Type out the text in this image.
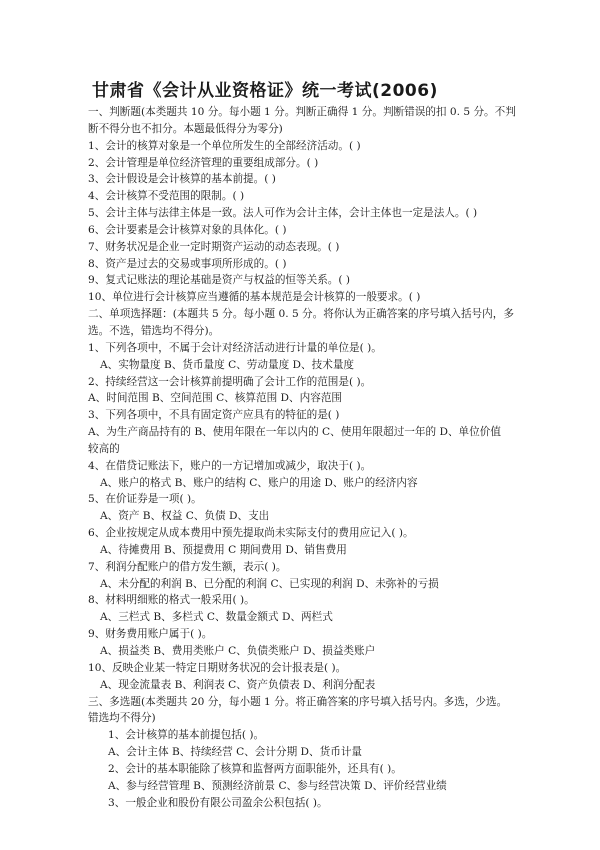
甘肃省《会计从业资格证》统一考试(2006)
一、判断题(本类题共 10 分。每小题 1 分。判断正确得 1 分。判断错误的扣 0. 5 分。不判
断不得分也不扣分。本题最低得分为零分)
1、会计的核算对象是一个单位所发生的全部经济活动。( )
2、会计管理是单位经济管理的重要组成部分。( )
3、会计假设是会计核算的基本前提。( )
4、会计核算不受范围的限制。( )
5、会计主体与法律主体是一致。法人可作为会计主体，会计主体也一定是法人。( )
6、会计要素是会计核算对象的具体化。( )
7、财务状况是企业一定时期资产运动的动态表现。( )
8、资产是过去的交易或事项所形成的。( )
9、复式记账法的理论基础是资产与权益的恒等关系。( )
10、单位进行会计核算应当遵循的基本规范是会计核算的一般要求。( )
二、单项选择题：(本题共 5 分。每小题 0. 5 分。将你认为正确答案的序号填入括号内，多
选。不选，错选均不得分)。
1、下列各项中，不属于会计对经济活动进行计量的单位是( )。
A、实物量度 B、货币量度 C、劳动量度 D、技术量度
2、持续经营这一会计核算前提明确了会计工作的范围是( )。
A、时间范围 B、空间范围 C、核算范围 D、内容范围
3、下列各项中，不具有固定资产应具有的特征的是( )
A、为生产商品持有的 B、使用年限在一年以内的 C、使用年限超过一年的 D、单位价值
较高的
4、在借贷记账法下，账户的一方记增加或减少，取决于( )。
A、账户的格式 B、账户的结构 C、账户的用途 D、账户的经济内容
5、在价证券是一项( )。
A、资产 B、权益 C、负债 D、支出
6、企业按规定从成本费用中预先提取尚未实际支付的费用应记入( )。
A、待摊费用 B、预提费用 C 期间费用 D、销售费用
7、利润分配账户的借方发生额，表示( )。
A、未分配的利润 B、已分配的利润 C、已实现的利润 D、未弥补的亏损
8、材料明细账的格式一般采用( )。
A、三栏式 B、多栏式 C、数量金额式 D、两栏式
9、财务费用账户属于( )。
A、损益类 B、费用类账户 C、负债类账户 D、损益类账户
10、反映企业某一特定日期财务状况的会计报表是( )。
A、现金流量表 B、利润表 C、资产负债表 D、利润分配表
三、多选题(本类题共 20 分，每小题 1 分。将正确答案的序号填入括号内。多选，少选。
错选均不得分)
1、会计核算的基本前提包括( )。
A、会计主体 B、持续经营 C、会计分期 D、货币计量
2、会计的基本职能除了核算和监督两方面职能外，还具有( )。
A、参与经营管理 B、预测经济前景 C、参与经营决策 D、评价经营业绩
3、一般企业和股份有限公司盈余公积包括( )。
